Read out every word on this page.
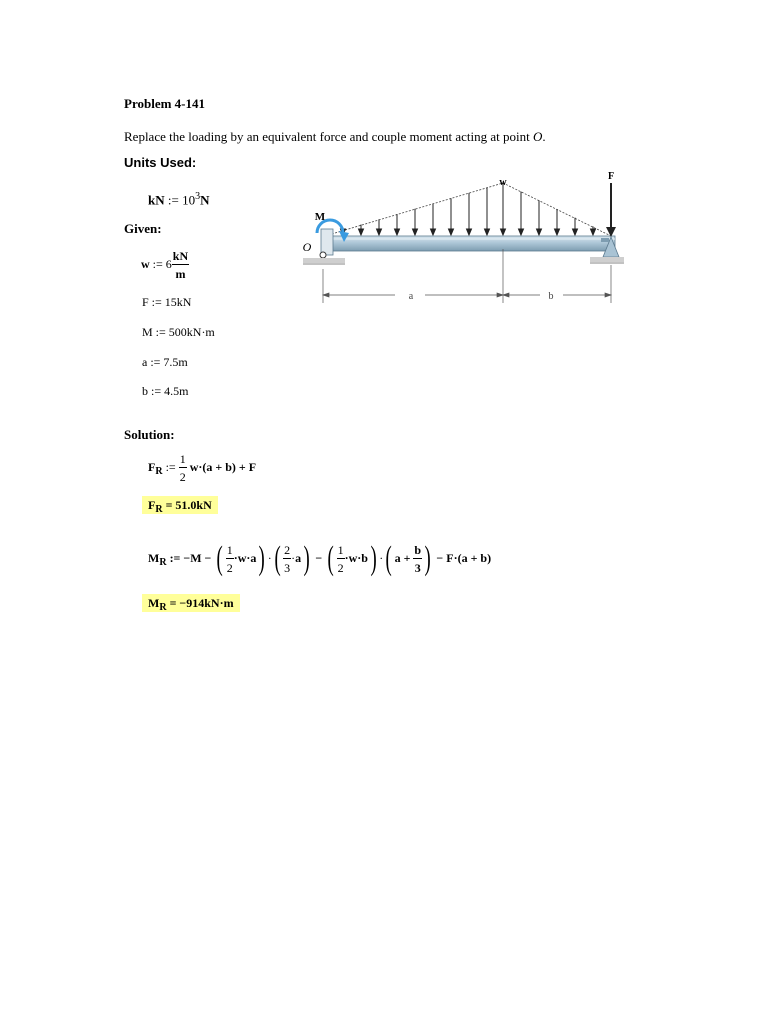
Problem 4-141
Replace the loading by an equivalent force and couple moment acting at point O.
Units Used:
kN := $10^3N$
Given:
w := $6 \frac{kN}{m}$
F := 15kN
M := 500kN·m
a := 7.5m
b := 4.5m
Solution:
$F_R$ := $\frac{1}{2} w\cdot(a + b) + F$
$F_R = 51.0kN$
$M_R$ := −M − ( $\frac{1}{2} \cdot w\cdot a$) ·( $\frac{2}{3} \cdot a$) − ( $\frac{1}{2} \cdot w\cdot b$) ·( $a + \frac{b}{3}$ ) − F·(a + b)
$M_R = -914kN\cdot m$
w
F
M
O
a	b
